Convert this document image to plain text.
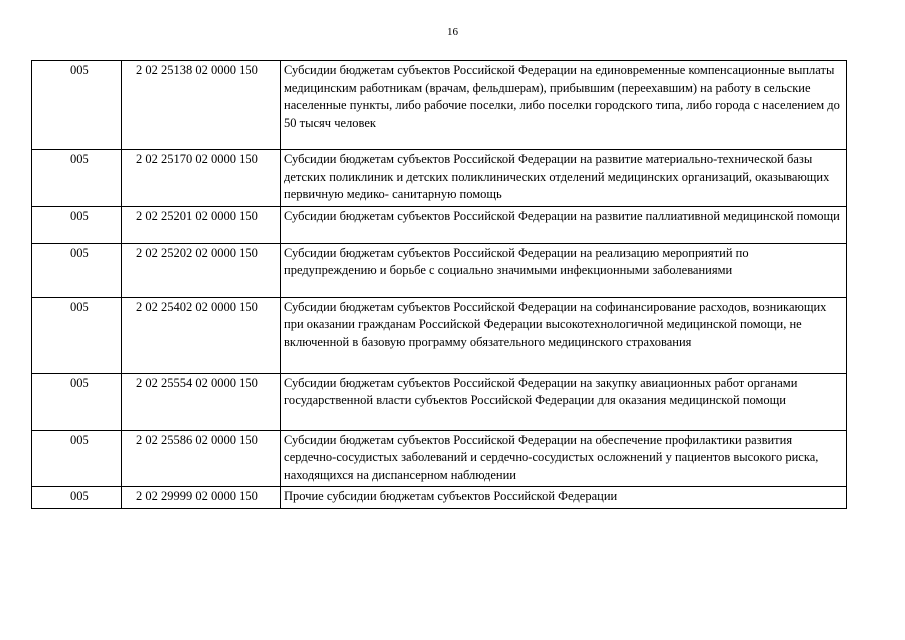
16
005	2 02 25138 02 0000 150	Субсидии бюджетам субъектов Российской Федерации на единовременные компенсационные выплаты медицинским работникам (врачам, фельдшерам), прибывшим (переехавшим) на работу в сельские населенные пункты, либо рабочие поселки, либо поселки городского типа, либо города с населением до 50 тысяч человек
005	2 02 25170 02 0000 150	Субсидии бюджетам субъектов Российской Федерации на развитие материально-технической базы детских поликлиник и детских поликлинических отделений медицинских организаций, оказывающих первичную медико- санитарную помощь
005	2 02 25201 02 0000 150	Субсидии бюджетам субъектов Российской Федерации на развитие паллиативной медицинской помощи
005	2 02 25202 02 0000 150	Субсидии бюджетам субъектов Российской Федерации на реализацию мероприятий по предупреждению и борьбе с социально значимыми инфекционными заболеваниями
005	2 02 25402 02 0000 150	Субсидии бюджетам субъектов Российской Федерации на софинансирование расходов, возникающих при оказании гражданам Российской Федерации высокотехнологичной медицинской помощи, не включенной в базовую программу обязательного медицинского страхования
005	2 02 25554 02 0000 150	Субсидии бюджетам субъектов Российской Федерации на закупку авиационных работ органами государственной власти субъектов Российской Федерации для оказания медицинской помощи
005	2 02 25586 02 0000 150	Субсидии бюджетам субъектов Российской Федерации на обеспечение профилактики развития сердечно-сосудистых заболеваний и сердечно-сосудистых осложнений у пациентов высокого риска, находящихся на диспансерном наблюдении
005	2 02 29999 02 0000 150	Прочие субсидии бюджетам субъектов Российской Федерации
